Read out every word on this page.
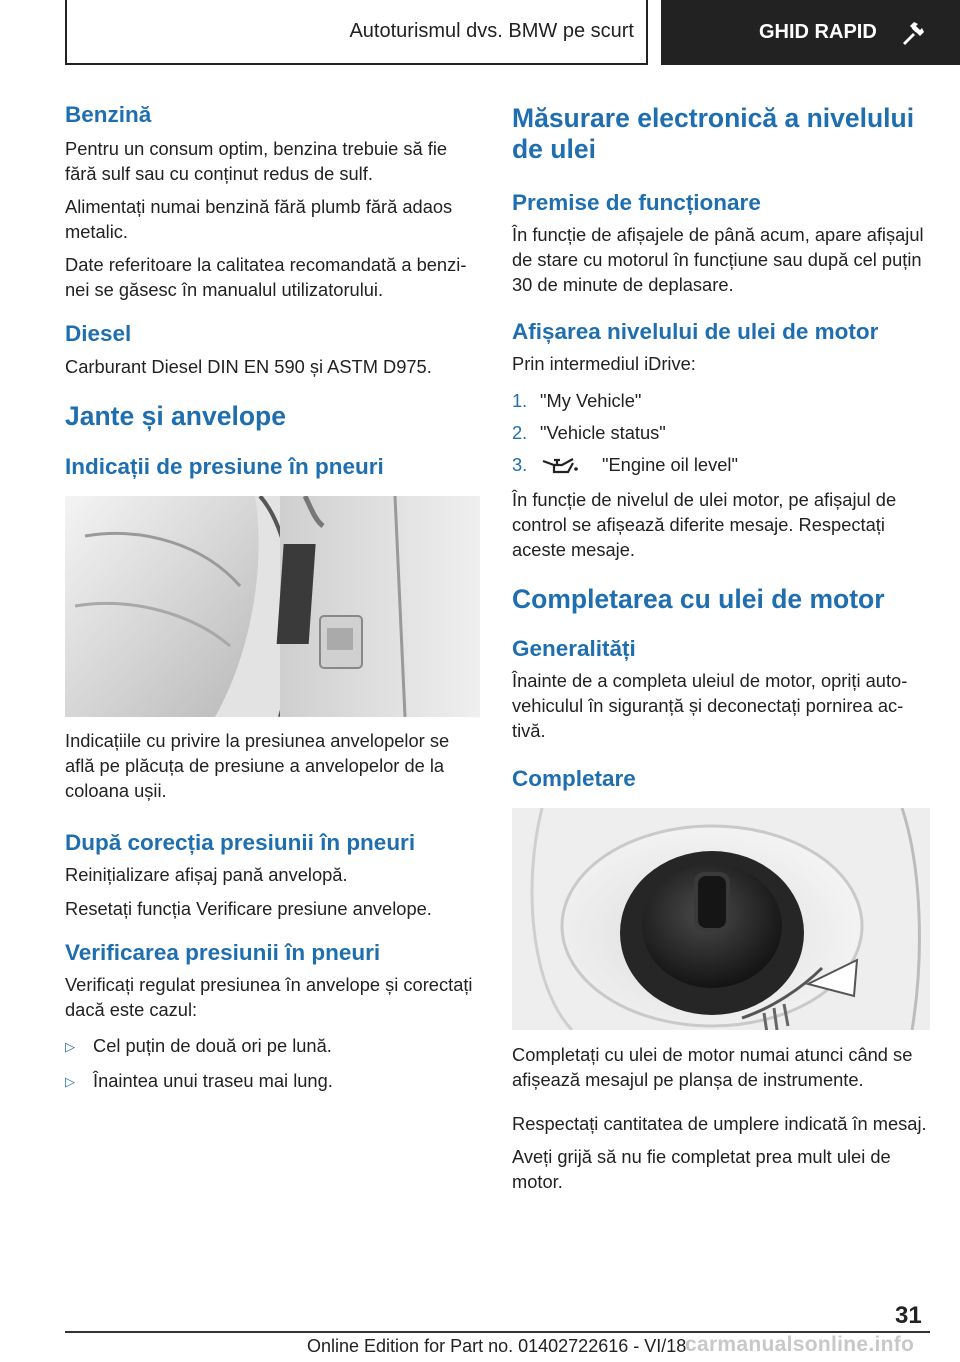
Autoturismul dvs. BMW pe scurt	GHID RAPID
Benzină
Pentru un consum optim, benzina trebuie să fie fără sulf sau cu conținut redus de sulf.
Alimentați numai benzină fără plumb fără adaos metalic.
Date referitoare la calitatea recomandată a benzinei se găsesc în manualul utilizatorului.
Diesel
Carburant Diesel DIN EN 590 și ASTM D975.
Jante și anvelope
Indicații de presiune în pneuri
Indicațiile cu privire la presiunea anvelopelor se află pe plăcuța de presiune a anvelopelor de la coloana ușii.
După corecția presiunii în pneuri
Reinițializare afișaj pană anvelopă.
Resetați funcția Verificare presiune anvelope.
Verificarea presiunii în pneuri
Verificați regulat presiunea în anvelope și corectați dacă este cazul:
▷ Cel puțin de două ori pe lună.
▷ Înaintea unui traseu mai lung.
Măsurare electronică a nivelului de ulei
Premise de funcționare
În funcție de afișajele de până acum, apare afișajul de stare cu motorul în funcțiune sau după cel puțin 30 de minute de deplasare.
Afișarea nivelului de ulei de motor
Prin intermediul iDrive:
1. "My Vehicle"
2. "Vehicle status"
3.	"Engine oil level"
În funcție de nivelul de ulei motor, pe afișajul de control se afișează diferite mesaje. Respectați aceste mesaje.
Completarea cu ulei de motor
Generalități
Înainte de a completa uleiul de motor, opriți autovehiculul în siguranță și deconectați pornirea activă.
Completare
Completați cu ulei de motor numai atunci când se afișează mesajul pe planșa de instrumente.
Respectați cantitatea de umplere indicată în mesaj.
Aveți grijă să nu fie completat prea mult ulei de motor.
31
Online Edition for Part no. 01402722616 - VI/18
carmanualsonline.info
